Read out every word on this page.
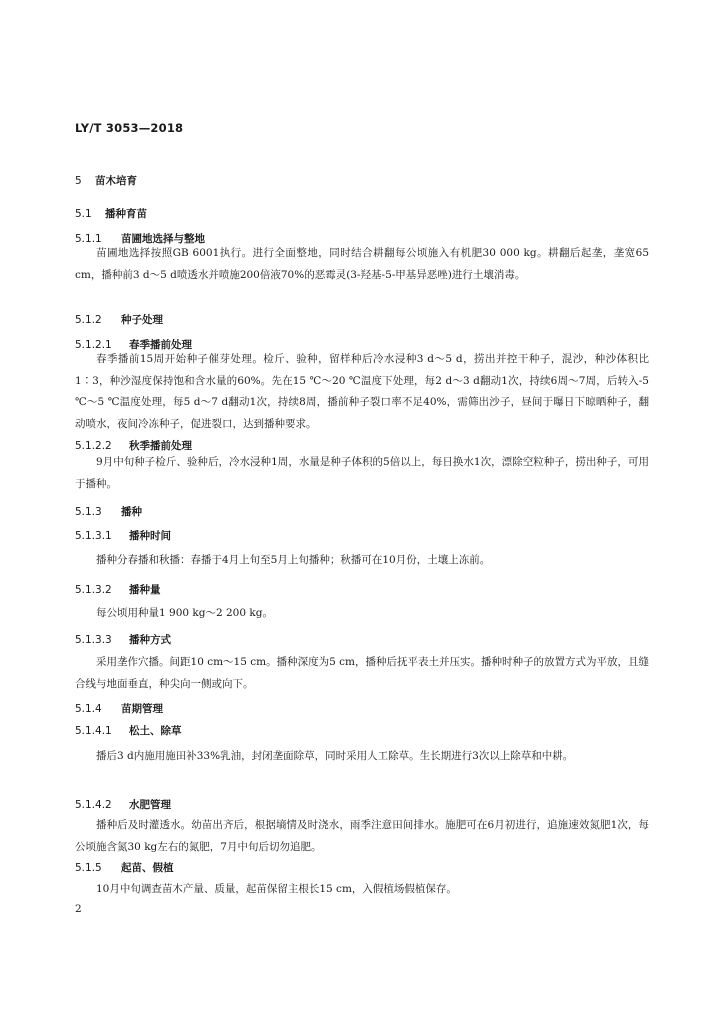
LY/T 3053—2018
5 苗木培育
5.1 播种育苗
5.1.1 苗圃地选择与整地
苗圃地选择按照GB 6001执行。进行全面整地，同时结合耕翻每公顷施入有机肥30 000 kg。耕翻后起垄，垄宽65 cm，播种前3 d～5 d喷透水并喷施200倍液70%的恶霉灵(3-羟基-5-甲基异恶唑)进行土壤消毒。
5.1.2 种子处理
5.1.2.1 春季播前处理
春季播前15周开始种子催芽处理。检斤、验种，留样种后冷水浸种3 d～5 d，捞出并控干种子，混沙，种沙体积比1∶3，种沙湿度保持饱和含水量的60%。先在15 ℃～20 ℃温度下处理，每2 d～3 d翻动1次，持续6周～7周，后转入-5 ℃～5 ℃温度处理，每5 d～7 d翻动1次，持续8周，播前种子裂口率不足40%，需筛出沙子，昼间于曝日下晾晒种子，翻动喷水，夜间冷冻种子，促进裂口，达到播种要求。
5.1.2.2 秋季播前处理
9月中旬种子检斤、验种后，冷水浸种1周，水量是种子体积的5倍以上，每日换水1次，漂除空粒种子，捞出种子，可用于播种。
5.1.3 播种
5.1.3.1 播种时间
播种分春播和秋播：春播于4月上旬至5月上旬播种；秋播可在10月份，土壤上冻前。
5.1.3.2 播种量
每公顷用种量1 900 kg～2 200 kg。
5.1.3.3 播种方式
采用垄作穴播。间距10 cm～15 cm。播种深度为5 cm，播种后抚平表土并压实。播种时种子的放置方式为平放，且缝合线与地面垂直，种尖向一侧或向下。
5.1.4 苗期管理
5.1.4.1 松土、除草
播后3 d内施用施田补33%乳油，封闭垄面除草，同时采用人工除草。生长期进行3次以上除草和中耕。
5.1.4.2 水肥管理
播种后及时灌透水。幼苗出齐后，根据墒情及时浇水，雨季注意田间排水。施肥可在6月初进行，追施速效氮肥1次，每公顷施含氮30 kg左右的氮肥，7月中旬后切勿追肥。
5.1.5 起苗、假植
10月中旬调查苗木产量、质量，起苗保留主根长15 cm，入假植场假植保存。
2
